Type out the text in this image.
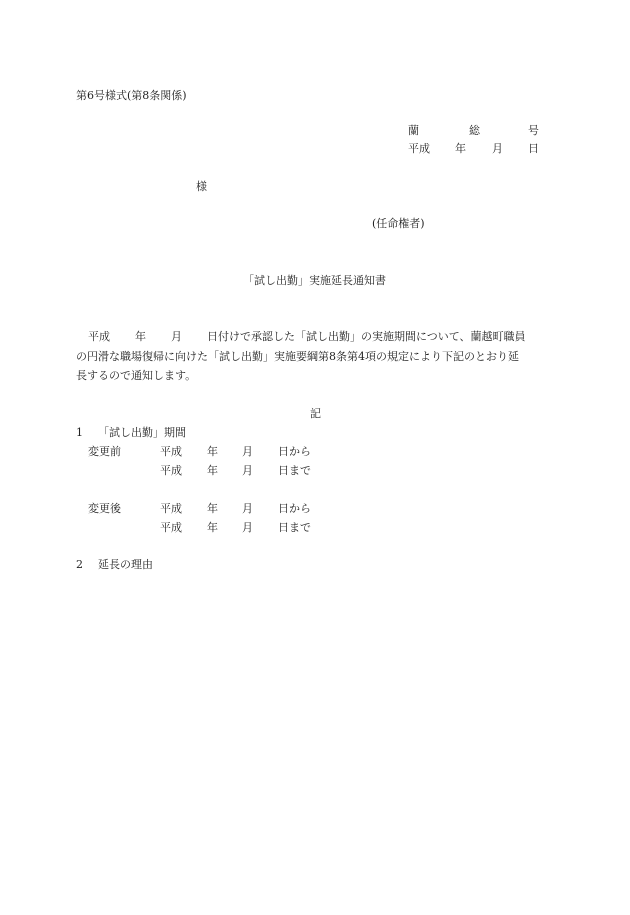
第6号様式(第8条関係)
蘭	総	号
平成 年 月 日
様
(任命権者)
「試し出勤」実施延長通知書
平成 年 月 日付けで承認した「試し出勤」の実施期間について、蘭越町職員
の円滑な職場復帰に向けた「試し出勤」実施要綱第8条第4項の規定により下記のとおり延
長するので通知します。
記
1 「試し出勤」期間
変更前	平成 年 月 日から
平成 年 月 日まで
変更後	平成 年 月 日から
平成 年 月 日まで
2 延長の理由
